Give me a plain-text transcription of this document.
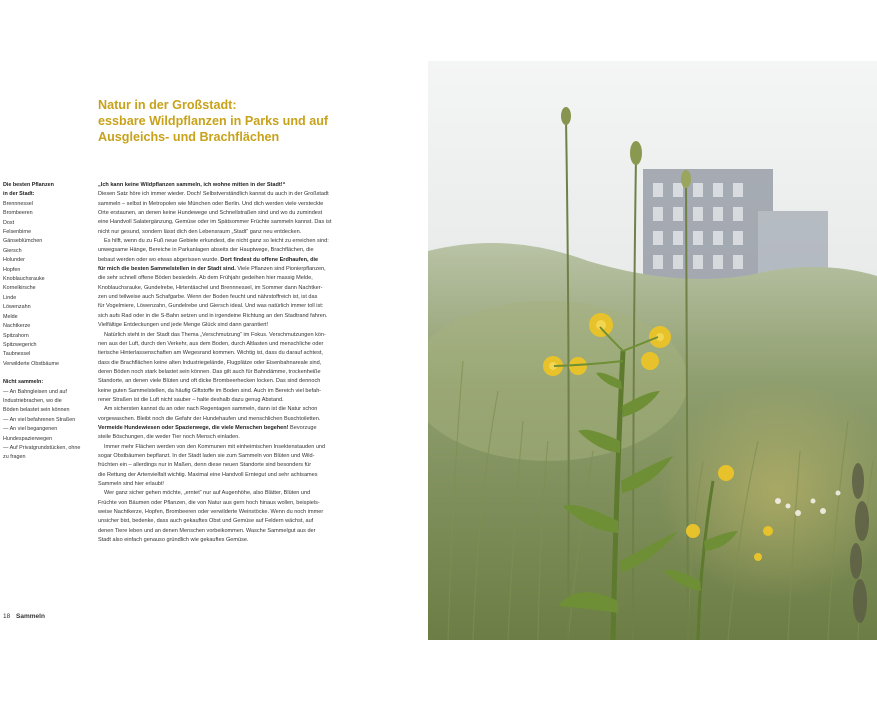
Natur in der Großstadt:
essbare Wildpflanzen in Parks und auf
Ausgleichs- und Brachflächen
Die besten Pflanzen
in der Stadt:
Brennnessel
Brombeeren
Dost
Felsenbirne
Gänseblümchen
Giersch
Holunder
Hopfen
Knoblauchsrauke
Kornelkirsche
Linde
Löwenzahn
Melde
Nachtkerze
Spitzahorn
Spitzwegerich
Taubnessel
Verwilderte Obstbäume
Nicht sammeln:
— An Bahngleisen und auf
Industriebrachen, wo die
Böden belastet sein können
— An viel befahrenen Straßen
— An viel begangenen
Hundespazierwegen
— Auf Privatgrundstücken, ohne
zu fragen
„Ich kann keine Wildpflanzen sammeln, ich wohne mitten in der Stadt!“
Diesen Satz höre ich immer wieder. Doch! Selbstverständlich kannst du auch in der Großstadt
sammeln – selbst in Metropolen wie München oder Berlin. Und dich werden viele versteckte
Orte erstaunen, an denen keine Hundewege und Schnellstraßen sind und wo du zumindest
eine Handvoll Salatergänzung, Gemüse oder im Spätsommer Früchte sammeln kannst. Das ist
nicht nur gesund, sondern lässt dich den Lebensraum „Stadt“ ganz neu entdecken.
Es hilft, wenn du zu Fuß neue Gebiete erkundest, die nicht ganz so leicht zu erreichen sind:
unwegsame Hänge, Bereiche in Parkanlagen abseits der Hauptwege, Brachflächen, die
bebaut werden oder wo etwas abgerissen wurde. Dort findest du offene Erdhaufen, die
für mich die besten Sammelstellen in der Stadt sind. Viele Pflanzen sind Pionierpflanzen,
die sehr schnell offene Böden besiedeln. Ab dem Frühjahr gedeihen hier massig Melde,
Knoblauchsrauke, Gundelrebe, Hirtentäschel und Brennnessel, im Sommer dann Nachtker-
zen und teilweise auch Schafgarbe. Wenn der Boden feucht und nährstoffreich ist, ist das
für Vogelmiere, Löwenzahn, Gundelrebe und Giersch ideal. Und was natürlich immer toll ist:
sich aufs Rad oder in die S-Bahn setzen und in irgendeine Richtung an den Stadtrand fahren.
Vielfältige Entdeckungen und jede Menge Glück sind dann garantiert!
Natürlich steht in der Stadt das Thema „Verschmutzung“ im Fokus. Verschmutzungen kön-
nen aus der Luft, durch den Verkehr, aus dem Boden, durch Altlasten und menschliche oder
tierische Hinterlassenschaften am Wegesrand kommen. Wichtig ist, dass du darauf achtest,
dass die Brachflächen keine alten Industriegelände, Flugplätze oder Eisenbahnareale sind,
deren Böden noch stark belastet sein können. Das gilt auch für Bahndämme, trockenheiße
Standorte, an denen viele Blüten und oft dicke Brombeerhecken locken. Das sind dennoch
keine guten Sammelstellen, da häufig Giftstoffe im Boden sind. Auch im Bereich viel befah-
rener Straßen ist die Luft nicht sauber – halte deshalb dazu genug Abstand.
Am sichersten kannst du an oder nach Regentagen sammeln, dann ist die Natur schon
vorgewaschen. Bleibt noch die Gefahr der Hundehaufen und menschlichen Buschtoiletten.
Vermeide Hundewiesen oder Spazierwege, die viele Menschen begehen! Bevorzuge
steile Böschungen, die weder Tier noch Mensch einladen.
Immer mehr Flächen werden von den Kommunen mit einheimischen Insektenstauden und
sogar Obstbäumen bepflanzt. In der Stadt laden sie zum Sammeln von Blüten und Wild-
früchten ein – allerdings nur in Maßen, denn diese neuen Standorte sind besonders für
die Rettung der Artenvielfalt wichtig. Maximal eine Handvoll Erntegut und sehr achtsames
Sammeln sind hier erlaubt!
Wer ganz sicher gehen möchte, „erntet“ nur auf Augenhöhe, also Blätter, Blüten und
Früchte von Bäumen oder Pflanzen, die von Natur aus gern hoch hinaus wollen, beispiels-
weise Nachtkerze, Hopfen, Brombeeren oder verwilderte Weinstöcke. Wenn du noch immer
unsicher bist, bedenke, dass auch gekauftes Obst und Gemüse auf Feldern wächst, auf
denen Tiere leben und an denen Menschen vorbeikommen. Wasche Sammelgut aus der
Stadt also einfach genauso gründlich wie gekauftes Gemüse.
18 Sammeln
